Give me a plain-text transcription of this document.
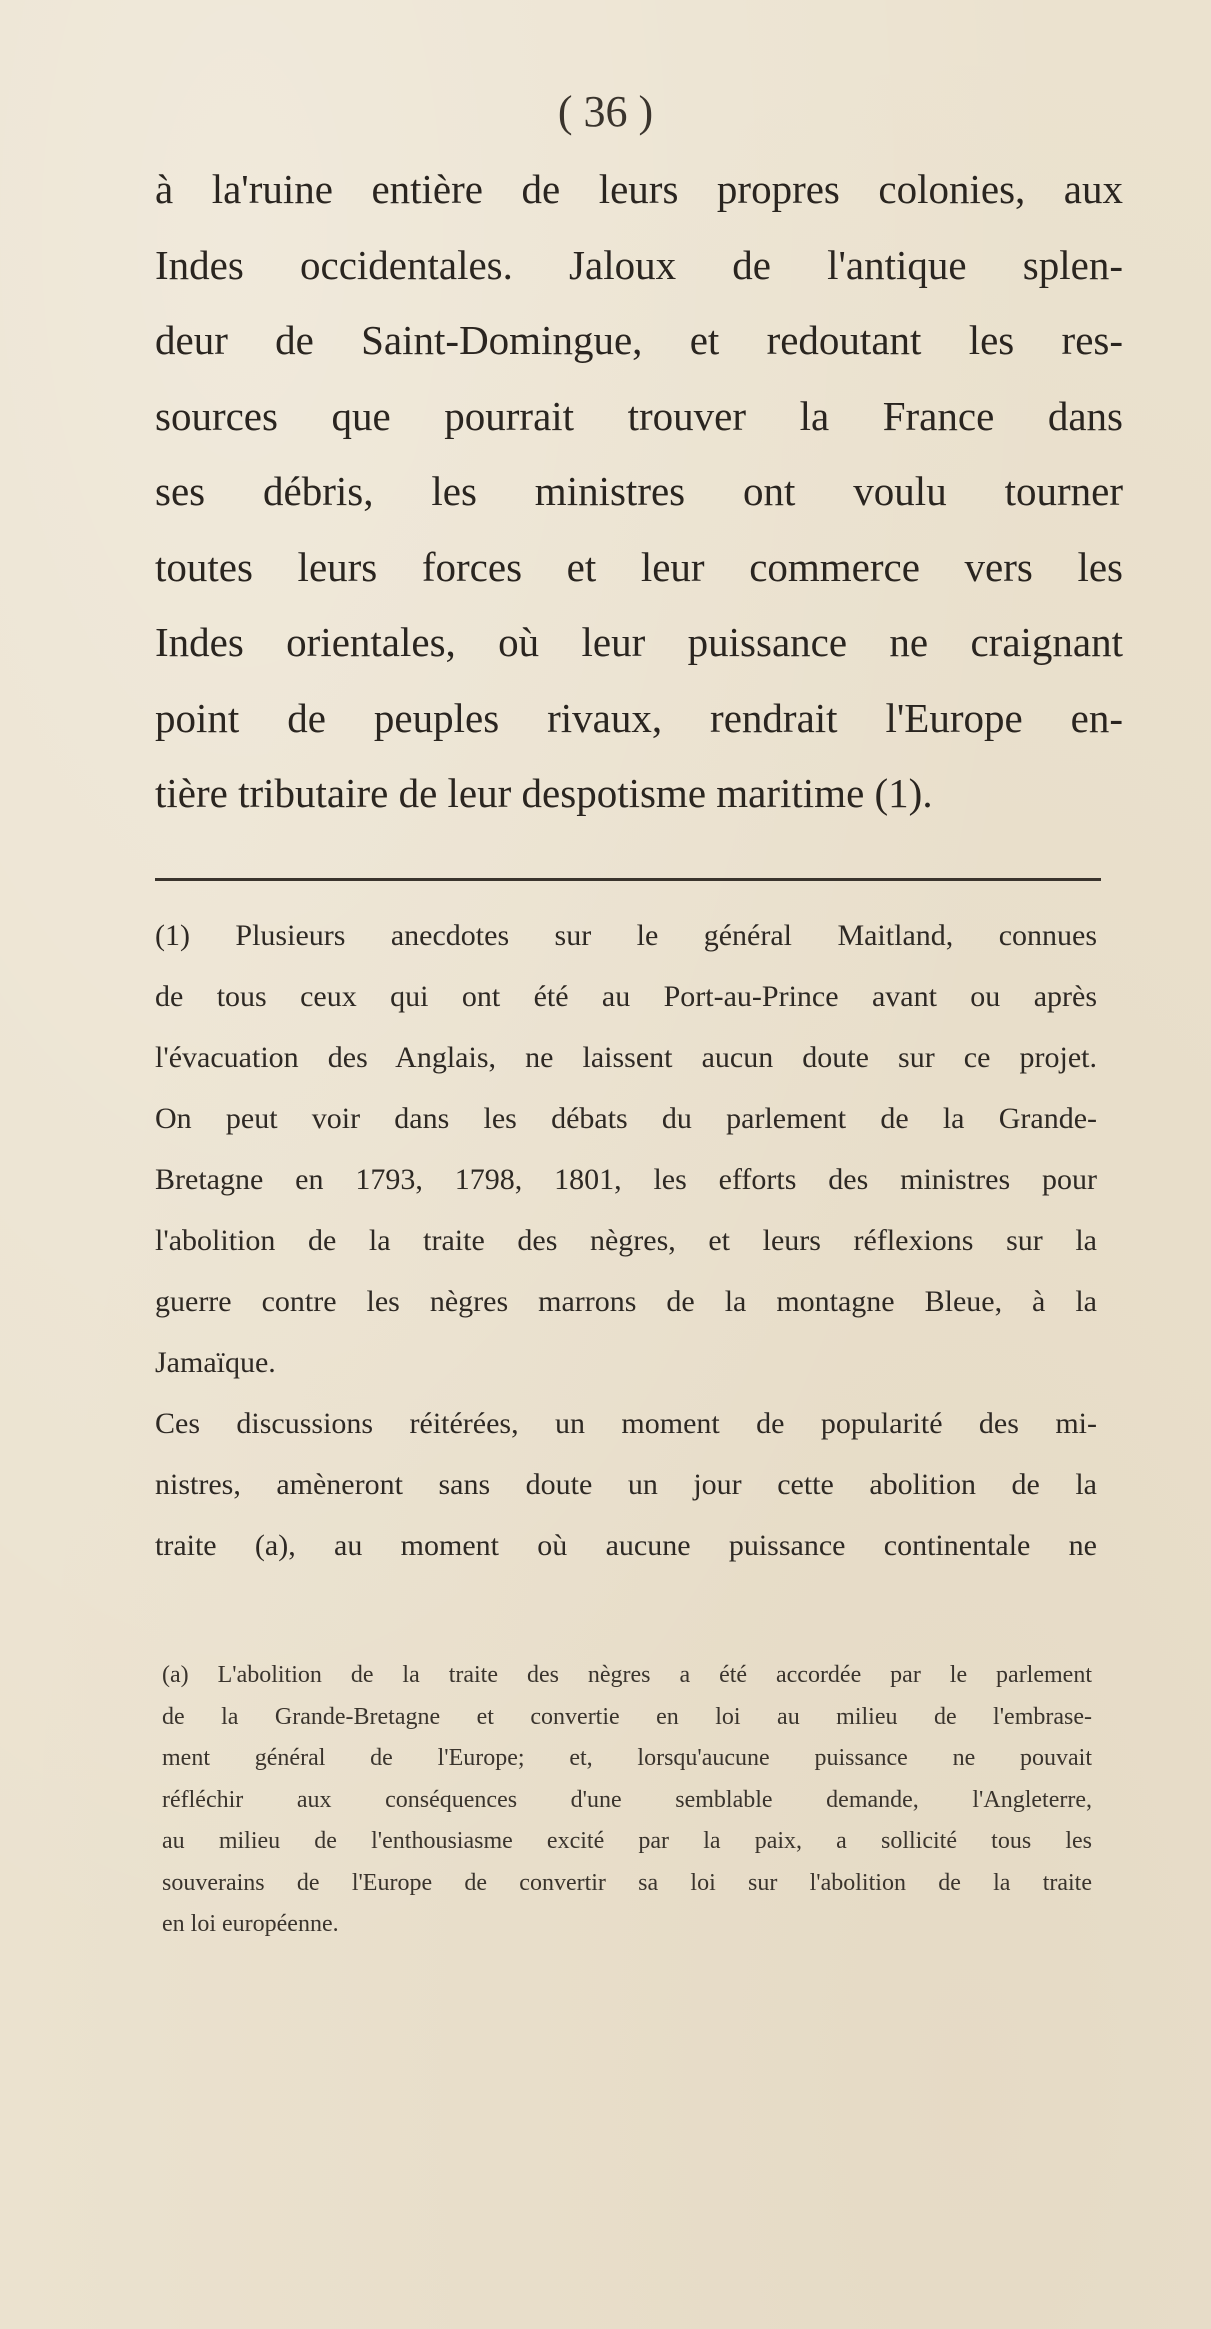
( 36 )
à la'ruine entière de leurs propres colonies, aux
Indes occidentales. Jaloux de l'antique splen-
deur de Saint-Domingue, et redoutant les res-
sources que pourrait trouver la France dans
ses débris, les ministres ont voulu tourner
toutes leurs forces et leur commerce vers les
Indes orientales, où leur puissance ne craignant
point de peuples rivaux, rendrait l'Europe en-
tière tributaire de leur despotisme maritime (1).
(1) Plusieurs anecdotes sur le général Maitland, connues
de tous ceux qui ont été au Port-au-Prince avant ou après
l'évacuation des Anglais, ne laissent aucun doute sur ce projet.
On peut voir dans les débats du parlement de la Grande-
Bretagne en 1793, 1798, 1801, les efforts des ministres pour
l'abolition de la traite des nègres, et leurs réflexions sur la
guerre contre les nègres marrons de la montagne Bleue, à la
Jamaïque.
Ces discussions réitérées, un moment de popularité des mi-
nistres, amèneront sans doute un jour cette abolition de la
traite (a), au moment où aucune puissance continentale ne
(a) L'abolition de la traite des nègres a été accordée par le parlement
de la Grande-Bretagne et convertie en loi au milieu de l'embrase-
ment général de l'Europe; et, lorsqu'aucune puissance ne pouvait
réfléchir aux conséquences d'une semblable demande, l'Angleterre,
au milieu de l'enthousiasme excité par la paix, a sollicité tous les
souverains de l'Europe de convertir sa loi sur l'abolition de la traite
en loi européenne.
